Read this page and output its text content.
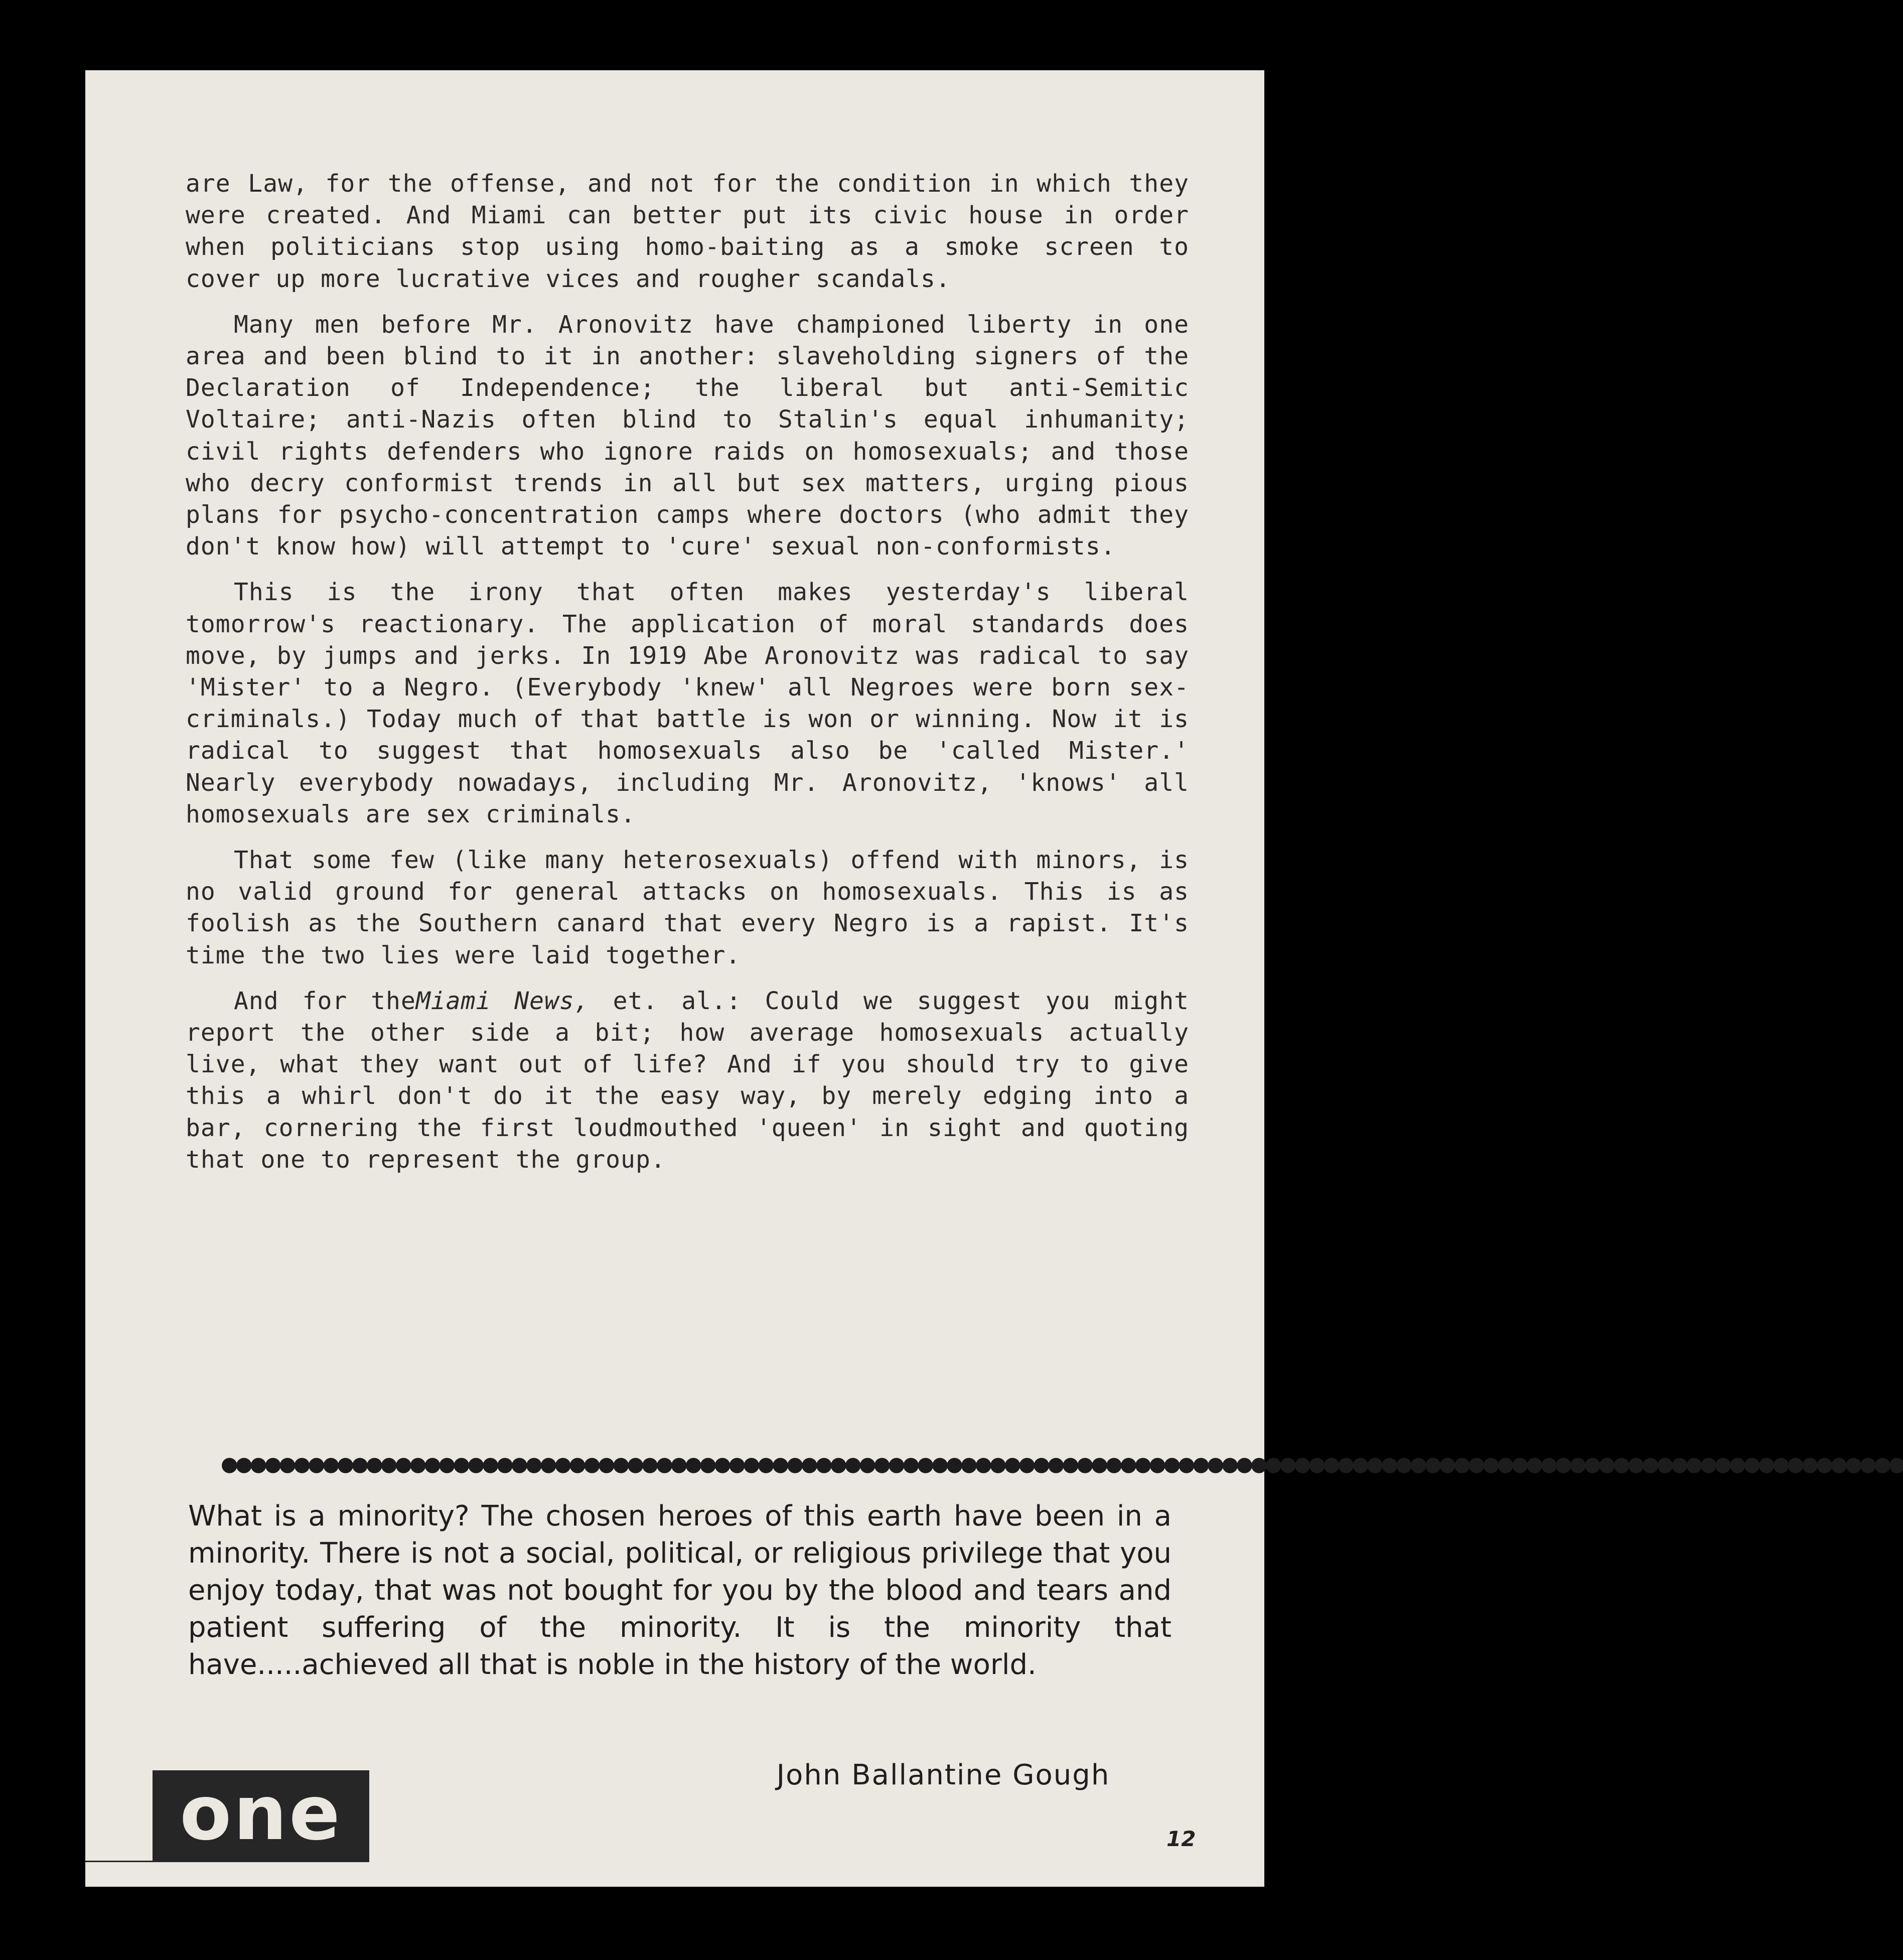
are Law, for the offense, and not for the condition in which they were created. And Miami can better put its civic house in order when politicians stop using homo-baiting as a smoke screen to cover up more lucrative vices and rougher scandals.

Many men before Mr. Aronovitz have championed liberty in one area and been blind to it in another: slaveholding signers of the Declaration of Independence; the liberal but anti-Semitic Voltaire; anti-Nazis often blind to Stalin's equal inhumanity; civil rights defenders who ignore raids on homosexuals; and those who decry conformist trends in all but sex matters, urging pious plans for psycho-concentration camps where doctors (who admit they don't know how) will attempt to 'cure' sexual non-conformists.

This is the irony that often makes yesterday's liberal tomorrow's reactionary. The application of moral standards does move, by jumps and jerks. In 1919 Abe Aronovitz was radical to say 'Mister' to a Negro. (Everybody 'knew' all Negroes were born sex-criminals.) Today much of that battle is won or winning. Now it is radical to suggest that homosexuals also be 'called Mister.' Nearly everybody nowadays, including Mr. Aronovitz, 'knows' all homosexuals are sex criminals.

That some few (like many heterosexuals) offend with minors, is no valid ground for general attacks on homosexuals. This is as foolish as the Southern canard that every Negro is a rapist. It's time the two lies were laid together.

And for theMiami News, et. al.: Could we suggest you might report the other side a bit; how average homosexuals actually live, what they want out of life? And if you should try to give this a whirl don't do it the easy way, by merely edging into a bar, cornering the first loudmouthed 'queen' in sight and quoting that one to represent the group.

●●●●●●●●●●●●●●●●●●●●●●●●●●●●●●●●●●●●●●●●●●●●●●●●●●●●●●●●●●●●●●●●●●●●●●●●●●●●●●●●●●●●●●●●●●●●●●●●●●●●●●●●●●●●●●●●●●●●
What is a minority? The chosen heroes of this earth have been in a minority. There is not a social, political, or religious privilege that you enjoy today, that was not bought for you by the blood and tears and patient suffering of the minority. It is the minority that have.....achieved all that is noble in the history of the world.
John Ballantine Gough
one	12
